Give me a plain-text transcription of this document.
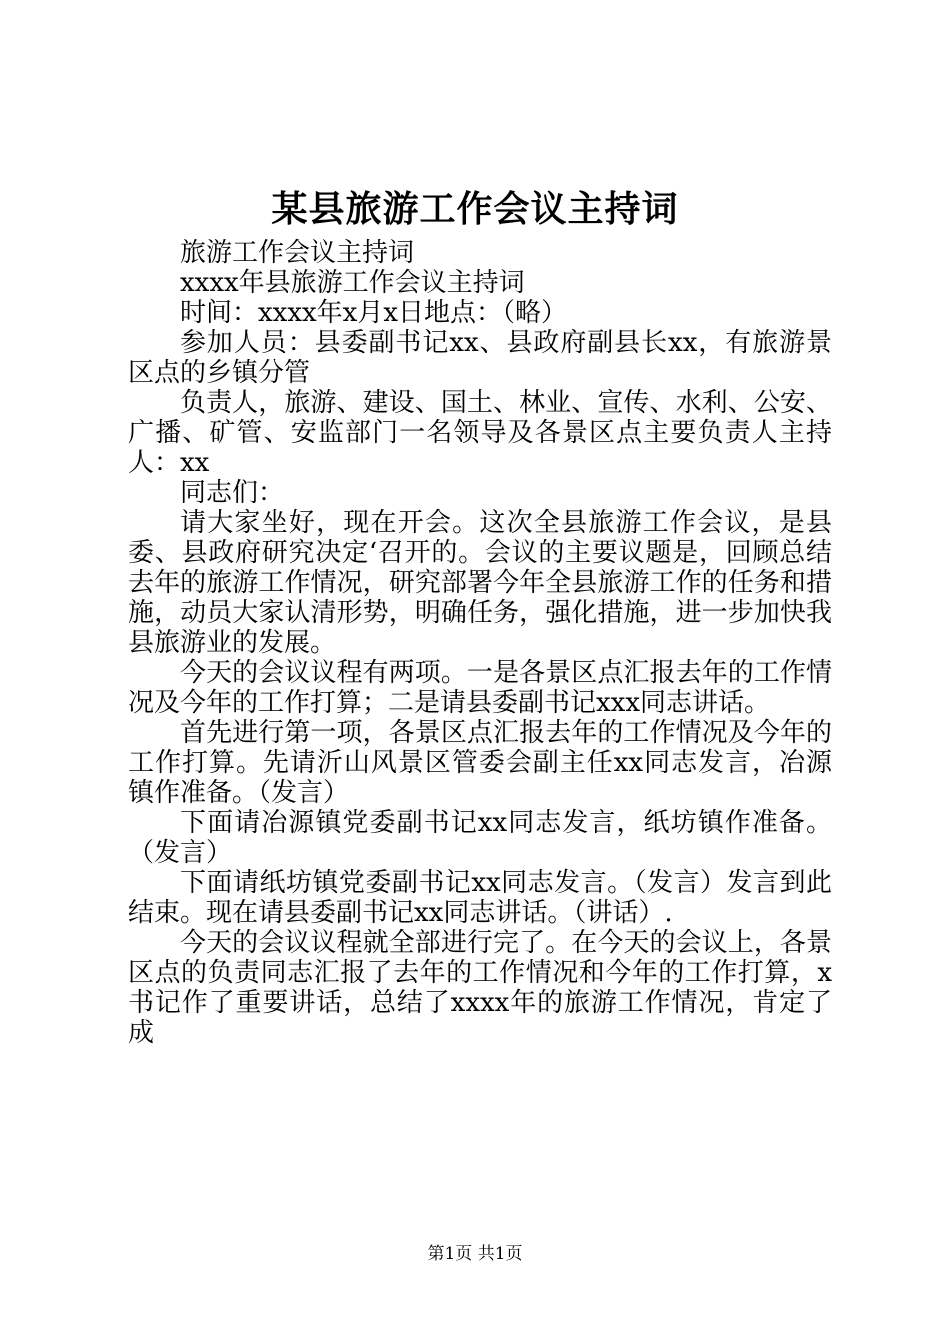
某县旅游工作会议主持词

旅游工作会议主持词

xxxx年县旅游工作会议主持词

时间：xxxx年x月x日地点：（略）

参加人员：县委副书记xx、县政府副县长xx，有旅游景区点的乡镇分管

负责人，旅游、建设、国土、林业、宣传、水利、公安、广播、矿管、安监部门一名领导及各景区点主要负责人主持人：xx

同志们：

请大家坐好，现在开会。这次全县旅游工作会议，是县委、县政府研究决定‘召开的。会议的主要议题是，回顾总结去年的旅游工作情况，研究部署今年全县旅游工作的任务和措施，动员大家认清形势，明确任务，强化措施，进一步加快我县旅游业的发展。

今天的会议议程有两项。一是各景区点汇报去年的工作情况及今年的工作打算；二是请县委副书记xxx同志讲话。

首先进行第一项，各景区点汇报去年的工作情况及今年的工作打算。先请沂山风景区管委会副主任xx同志发言，冶源镇作准备。（发言）

下面请冶源镇党委副书记xx同志发言，纸坊镇作准备。（发言）

下面请纸坊镇党委副书记xx同志发言。（发言）发言到此结束。现在请县委副书记xx同志讲话。（讲话）.

今天的会议议程就全部进行完了。在今天的会议上，各景区点的负责同志汇报了去年的工作情况和今年的工作打算，x书记作了重要讲话，总结了xxxx年的旅游工作情况，肯定了成

第1页 共1页
